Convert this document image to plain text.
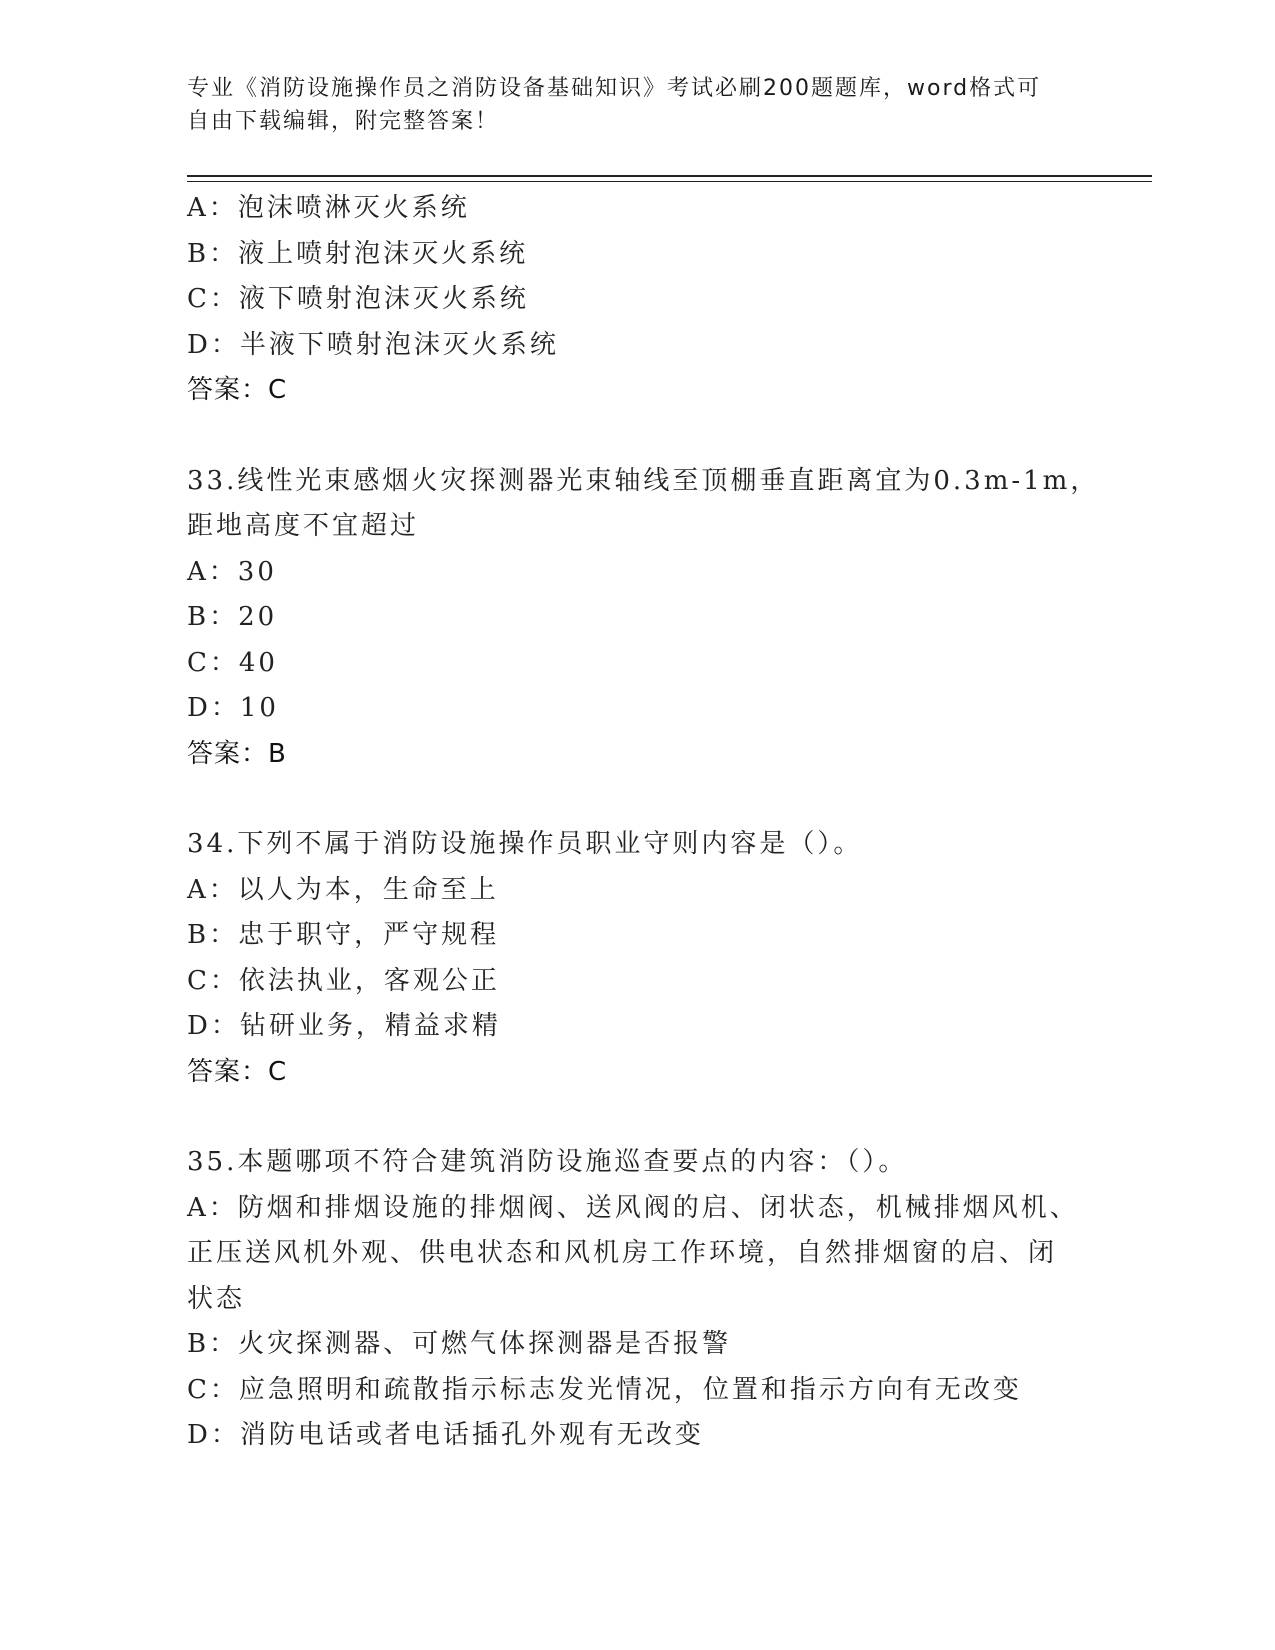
专业《消防设施操作员之消防设备基础知识》考试必刷200题题库，word格式可
自由下载编辑，附完整答案！
A：泡沫喷淋灭火系统
B：液上喷射泡沫灭火系统
C：液下喷射泡沫灭火系统
D：半液下喷射泡沫灭火系统
答案：C
33.线性光束感烟火灾探测器光束轴线至顶棚垂直距离宜为0.3m-1m，
距地高度不宜超过
A：30
B：20
C：40
D：10
答案：B
34.下列不属于消防设施操作员职业守则内容是（）。
A：以人为本，生命至上
B：忠于职守，严守规程
C：依法执业，客观公正
D：钻研业务，精益求精
答案：C
35.本题哪项不符合建筑消防设施巡查要点的内容：（）。
A：防烟和排烟设施的排烟阀、送风阀的启、闭状态，机械排烟风机、
正压送风机外观、供电状态和风机房工作环境，自然排烟窗的启、闭
状态
B：火灾探测器、可燃气体探测器是否报警
C：应急照明和疏散指示标志发光情况，位置和指示方向有无改变
D：消防电话或者电话插孔外观有无改变
